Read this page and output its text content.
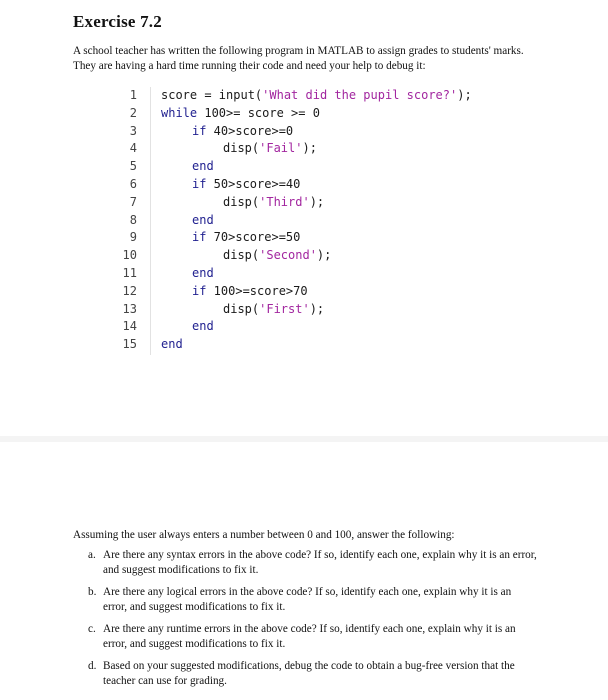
Exercise 7.2
A school teacher has written the following program in MATLAB to assign grades to students' marks. They are having a hard time running their code and need your help to debug it:
1 score = input('What did the pupil score?');
2 while 100>= score >= 0
3	if 40>score>=0
4	disp('Fail');
5	end
6	if 50>score>=40
7	disp('Third');
8	end
9	if 70>score>=50
10	disp('Second');
11	end
12	if 100>=score>70
13	disp('First');
14	end
15 end
Assuming the user always enters a number between 0 and 100, answer the following:
a. Are there any syntax errors in the above code? If so, identify each one, explain why it is an error, and suggest modifications to fix it.
b. Are there any logical errors in the above code? If so, identify each one, explain why it is an error, and suggest modifications to fix it.
c. Are there any runtime errors in the above code? If so, identify each one, explain why it is an error, and suggest modifications to fix it.
d. Based on your suggested modifications, debug the code to obtain a bug-free version that the teacher can use for grading.
